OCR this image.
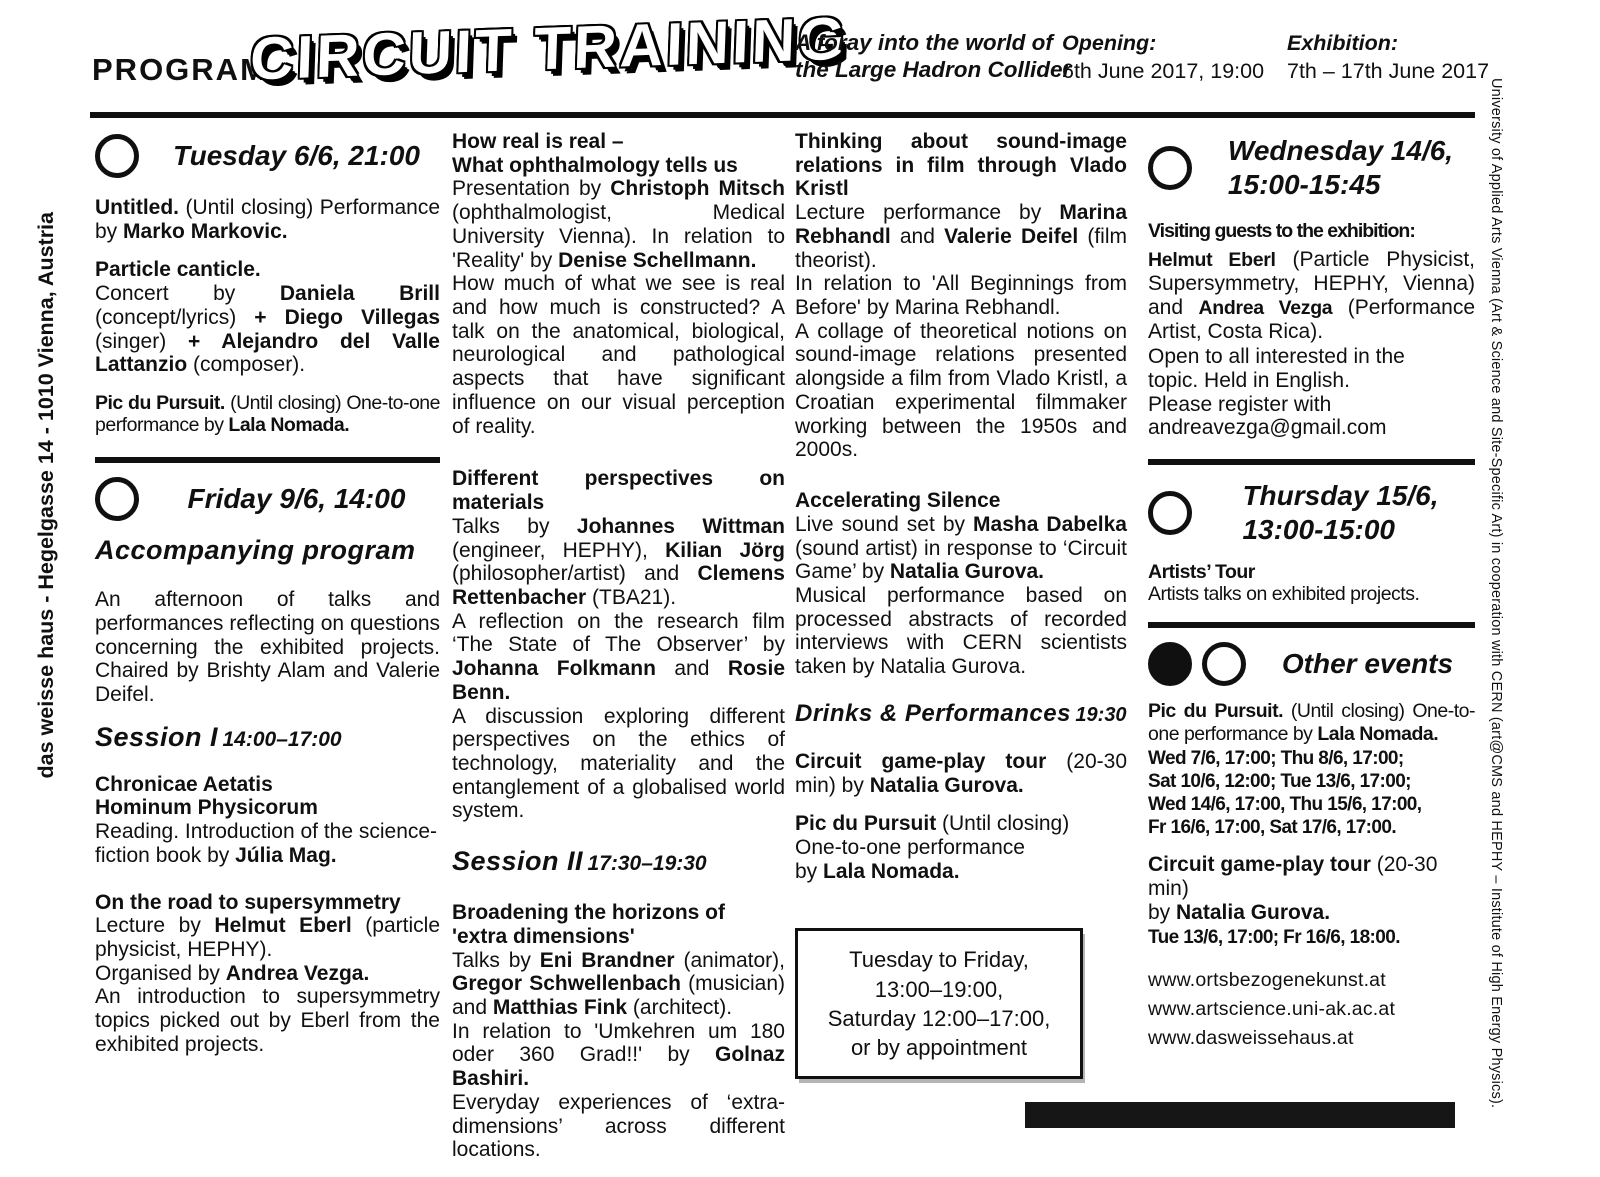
PROGRAM
CIRCUIT TRAINING
A foray into the world of
the Large Hadron Collider
Opening:
6th June 2017, 19:00
Exhibition:
7th – 17th June 2017
das weisse haus - Hegelgasse 14 - 1010 Vienna, Austria	University of Applied Arts Vienna (Art & Science and Site-Specific Art) in cooperation with CERN (art@CMS and HEPHY – Institute of High Energy Physics).
Tuesday 6/6, 21:00
Untitled. (Until closing) Performance by Marko Markovic.
Particle canticle.
Concert by Daniela Brill (concept/lyrics) + Diego Villegas (singer) + Alejandro del Valle Lattanzio (composer).
Pic du Pursuit. (Until closing) One-to-one performance by Lala Nomada.
Friday 9/6, 14:00
Accompanying program
An afternoon of talks and performances reflecting on questions concerning the exhibited projects. Chaired by Brishty Alam and Valerie Deifel.
Session I 14:00–17:00
Chronicae Aetatis
Hominum Physicorum
Reading. Introduction of the science-fiction book by Júlia Mag.
On the road to supersymmetry
Lecture by Helmut Eberl (particle physicist, HEPHY).
Organised by Andrea Vezga.
An introduction to supersymmetry topics picked out by Eberl from the exhibited projects.
How real is real –
What ophthalmology tells us
Presentation by Christoph Mitsch (ophthalmologist, Medical University Vienna). In relation to 'Reality' by Denise Schellmann.
How much of what we see is real and how much is constructed? A talk on the anatomical, biological, neurological and pathological aspects that have significant influence on our visual perception of reality.
Different perspectives on materials
Talks by Johannes Wittman (engineer, HEPHY), Kilian Jörg (philosopher/artist) and Clemens Rettenbacher (TBA21).
A reflection on the research film ‘The State of The Observer’ by Johanna Folkmann and Rosie Benn.
A discussion exploring different perspectives on the ethics of technology, materiality and the entanglement of a globalised world system.
Session II 17:30–19:30
Broadening the horizons of
'extra dimensions'
Talks by Eni Brandner (animator), Gregor Schwellenbach (musician) and Matthias Fink (architect).
In relation to 'Umkehren um 180 oder 360 Grad!!' by Golnaz Bashiri.
Everyday experiences of ‘extra-dimensions’ across different locations.
Thinking about sound-image relations in film through Vlado Kristl
Lecture performance by Marina Rebhandl and Valerie Deifel (film theorist).
In relation to 'All Beginnings from Before' by Marina Rebhandl.
A collage of theoretical notions on sound-image relations presented alongside a film from Vlado Kristl, a Croatian experimental filmmaker working between the 1950s and 2000s.
Accelerating Silence
Live sound set by Masha Dabelka (sound artist) in response to ‘Circuit Game’ by Natalia Gurova.
Musical performance based on processed abstracts of recorded interviews with CERN scientists taken by Natalia Gurova.
Drinks & Performances 19:30
Circuit game-play tour (20-30 min) by Natalia Gurova.
Pic du Pursuit (Until closing)
One-to-one performance
by Lala Nomada.
Tuesday to Friday,
13:00–19:00,
Saturday 12:00–17:00,
or by appointment
Wednesday 14/6,
15:00-15:45
Visiting guests to the exhibition:
Helmut Eberl (Particle Physicist, Supersymmetry, HEPHY, Vienna) and Andrea Vezga (Performance Artist, Costa Rica).
Open to all interested in the
topic. Held in English.
Please register with
andreavezga@gmail.com
Thursday 15/6,
13:00-15:00
Artists’ Tour
Artists talks on exhibited projects.
Other events
Pic du Pursuit. (Until closing) One-to-one performance by Lala Nomada.
Wed 7/6, 17:00; Thu 8/6, 17:00;
Sat 10/6, 12:00; Tue 13/6, 17:00;
Wed 14/6, 17:00, Thu 15/6, 17:00,
Fr 16/6, 17:00, Sat 17/6, 17:00.
Circuit game-play tour (20-30 min)
by Natalia Gurova.
Tue 13/6, 17:00; Fr 16/6, 18:00.
www.ortsbezogenekunst.at
www.artscience.uni-ak.ac.at
www.dasweissehaus.at
